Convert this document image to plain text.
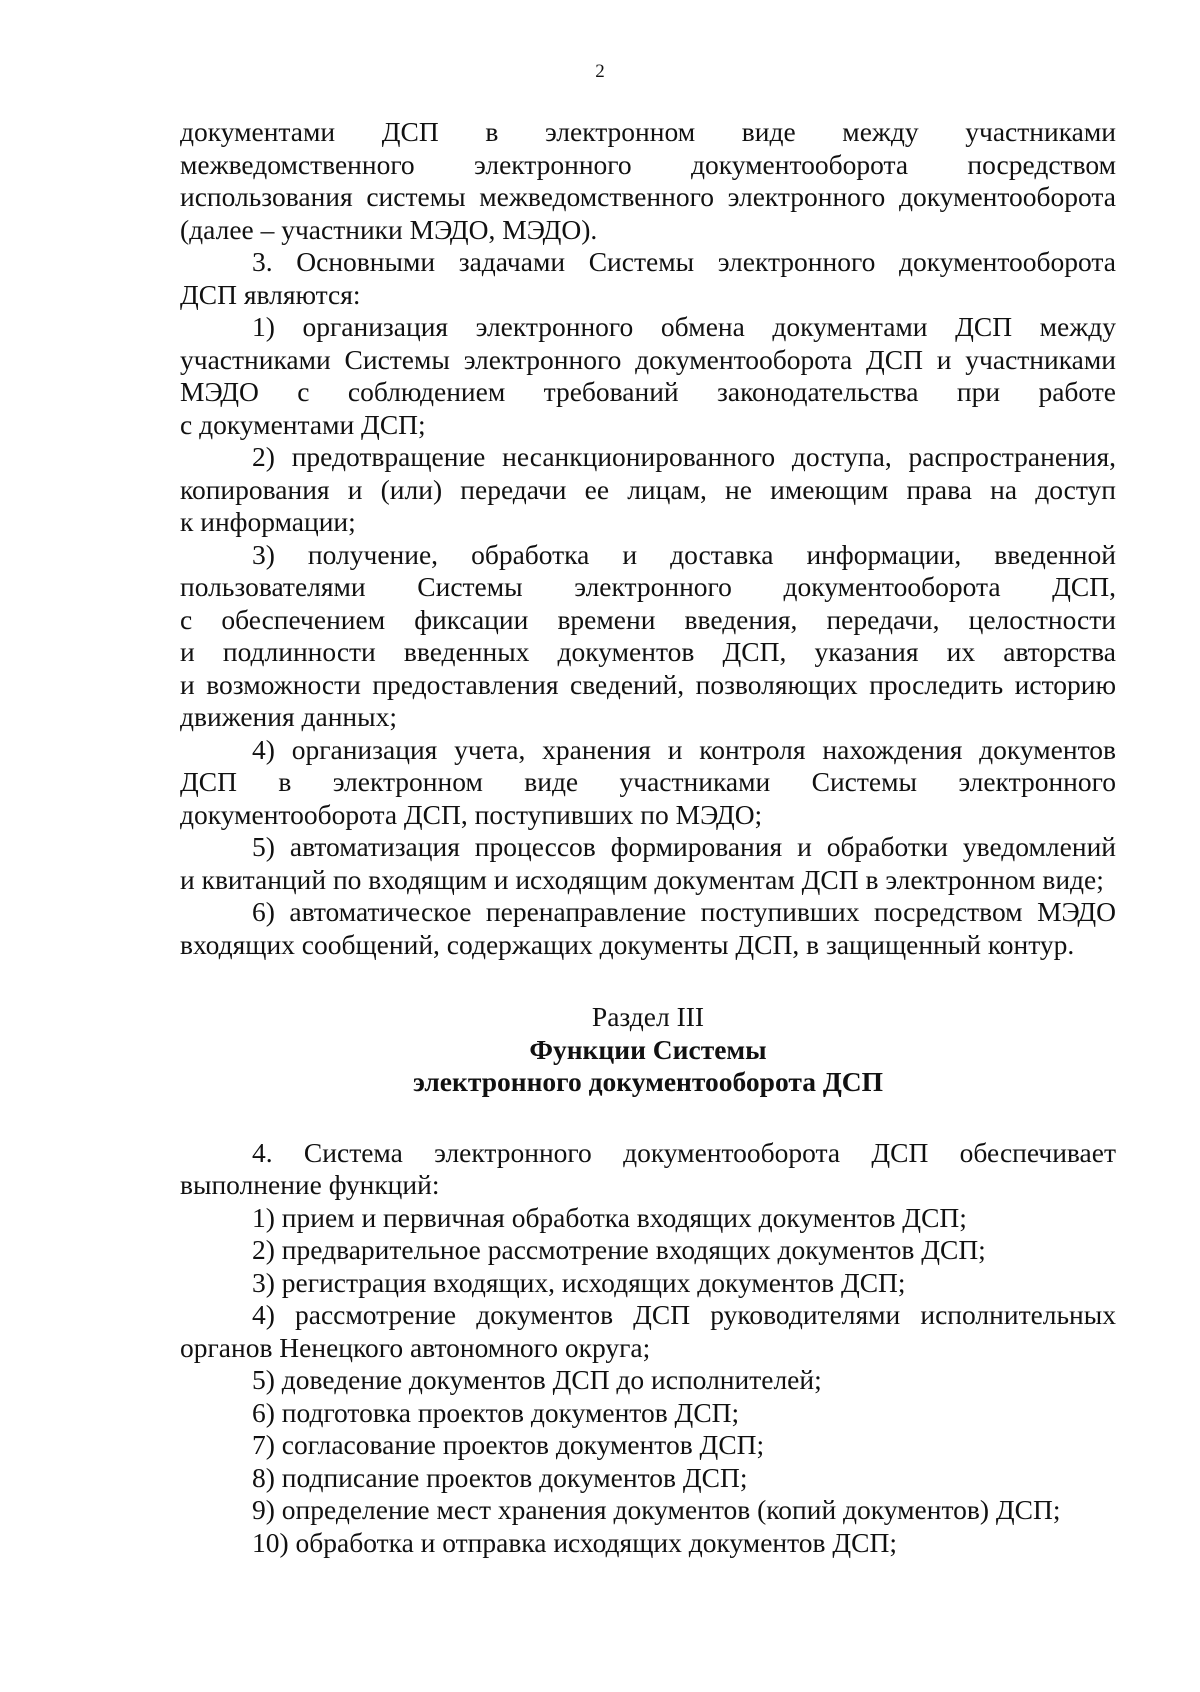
2

документами ДСП в электронном виде между участниками

межведомственного электронного документооборота посредством

использования системы межведомственного электронного документооборота

(далее – участники МЭДО, МЭДО).

3. Основными задачами Системы электронного документооборота

ДСП являются:

1) организация электронного обмена документами ДСП между

участниками Системы электронного документооборота ДСП и участниками

МЭДО с соблюдением требований законодательства при работе

с документами ДСП;

2) предотвращение несанкционированного доступа, распространения,

копирования и (или) передачи ее лицам, не имеющим права на доступ

к информации;

3) получение, обработка и доставка информации, введенной

пользователями Системы электронного документооборота ДСП,

с обеспечением фиксации времени введения, передачи, целостности

и подлинности введенных документов ДСП, указания их авторства

и возможности предоставления сведений, позволяющих проследить историю

движения данных;

4) организация учета, хранения и контроля нахождения документов

ДСП в электронном виде участниками Системы электронного

документооборота ДСП, поступивших по МЭДО;

5) автоматизация процессов формирования и обработки уведомлений

и квитанций по входящим и исходящим документам ДСП в электронном виде;

6) автоматическое перенаправление поступивших посредством МЭДО

входящих сообщений, содержащих документы ДСП, в защищенный контур.

Раздел III
Функции Системы
электронного документооборота ДСП

4. Система электронного документооборота ДСП обеспечивает

выполнение функций:

1) прием и первичная обработка входящих документов ДСП;

2) предварительное рассмотрение входящих документов ДСП;

3) регистрация входящих, исходящих документов ДСП;

4) рассмотрение документов ДСП руководителями исполнительных

органов Ненецкого автономного округа;

5) доведение документов ДСП до исполнителей;

6) подготовка проектов документов ДСП;

7) согласование проектов документов ДСП;

8) подписание проектов документов ДСП;

9) определение мест хранения документов (копий документов) ДСП;

10) обработка и отправка исходящих документов ДСП;
